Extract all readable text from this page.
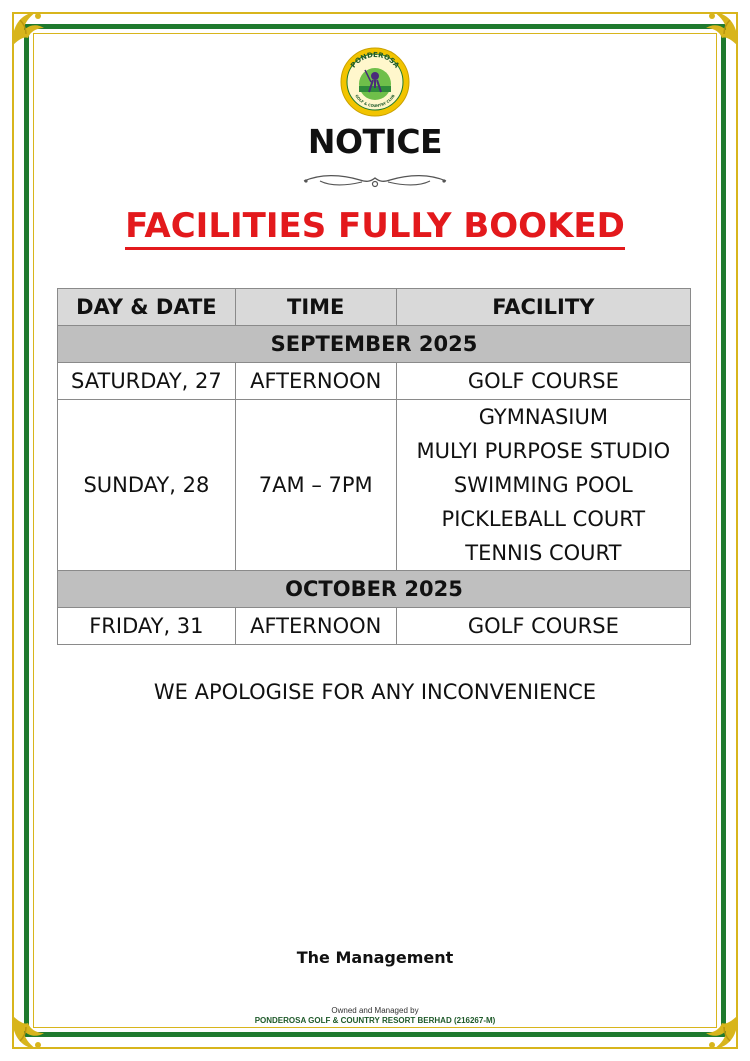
PONDEROSA
GOLF & COUNTRY CLUB
NOTICE
FACILITIES FULLY BOOKED
DAY & DATE	TIME	FACILITY
SEPTEMBER 2025		
SATURDAY, 27	AFTERNOON	GOLF COURSE
SUNDAY, 28	7AM – 7PM	GYMNASIUM
MULYI PURPOSE STUDIO
SWIMMING POOL
PICKLEBALL COURT
TENNIS COURT

OCTOBER 2025		
FRIDAY, 31	AFTERNOON	GOLF COURSE
WE APOLOGISE FOR ANY INCONVENIENCE
The Management
Owned and Managed by
PONDEROSA GOLF & COUNTRY RESORT BERHAD (216267-M)
